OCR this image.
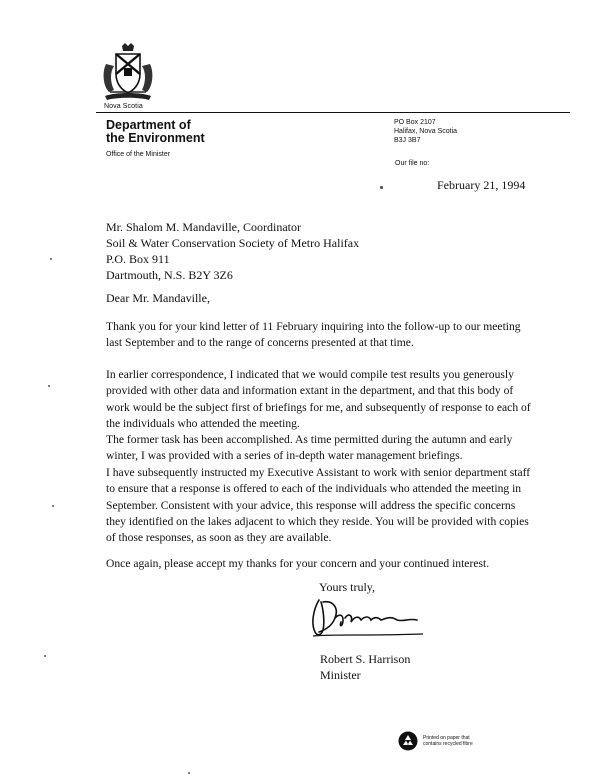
Nova Scotia
Department of
the Environment
Office of the Minister
PO Box 2107
Halifax, Nova Scotia
B3J 3B7
Our file no:
February 21, 1994
Mr. Shalom M. Mandaville, Coordinator
Soil & Water Conservation Society of Metro Halifax
P.O. Box 911
Dartmouth, N.S. B2Y 3Z6
Dear Mr. Mandaville,
Thank you for your kind letter of 11 February inquiring into the follow-up to our meeting last September and to the range of concerns presented at that time.
In earlier correspondence, I indicated that we would compile test results you generously provided with other data and information extant in the department, and that this body of work would be the subject first of briefings for me, and subsequently of response to each of the individuals who attended the meeting.
The former task has been accomplished. As time permitted during the autumn and early winter, I was provided with a series of in-depth water management briefings.
I have subsequently instructed my Executive Assistant to work with senior department staff to ensure that a response is offered to each of the individuals who attended the meeting in September. Consistent with your advice, this response will address the specific concerns they identified on the lakes adjacent to which they reside. You will be provided with copies of those responses, as soon as they are available.
Once again, please accept my thanks for your concern and your continued interest.
Yours truly,
Robert S. Harrison
Minister
Printed on paper that
contains recycled fibre
